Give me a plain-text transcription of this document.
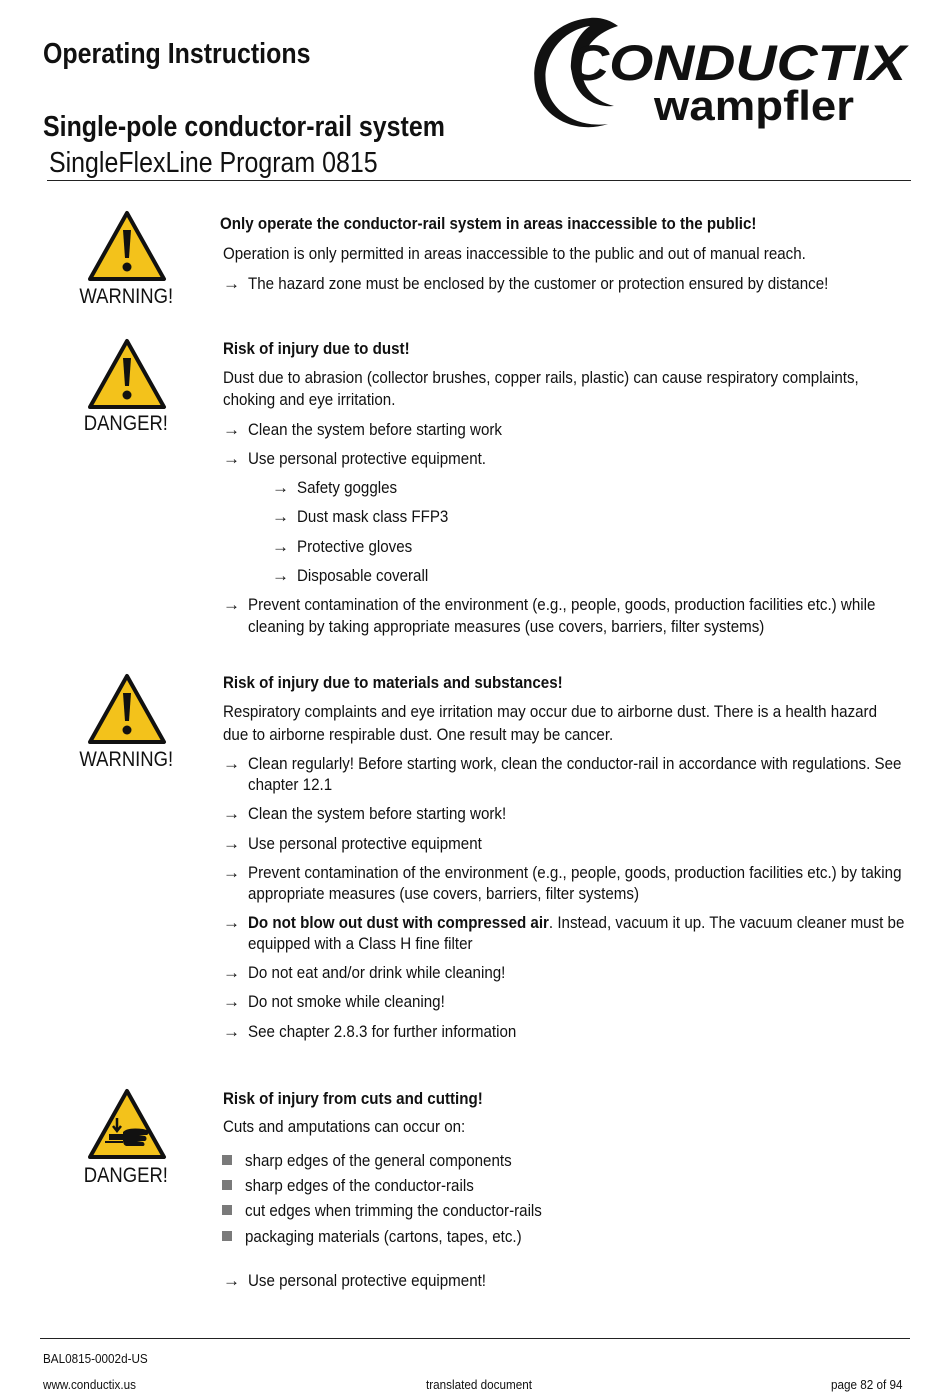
Operating Instructions
Single-pole conductor-rail system
SingleFlexLine Program 0815
CONDUCTIX
wampfler
WARNING!
Only operate the conductor-rail system in areas inaccessible to the public!
Operation is only permitted in areas inaccessible to the public and out of manual reach.
→ The hazard zone must be enclosed by the customer or protection ensured by distance!
DANGER!
Risk of injury due to dust!
Dust due to abrasion (collector brushes, copper rails, plastic) can cause respiratory complaints,
choking and eye irritation.
→ Clean the system before starting work
→ Use personal protective equipment.
→ Safety goggles
→ Dust mask class FFP3
→ Protective gloves
→ Disposable coverall
→ Prevent contamination of the environment (e.g., people, goods, production facilities etc.) while
cleaning by taking appropriate measures (use covers, barriers, filter systems)
WARNING!
Risk of injury due to materials and substances!
Respiratory complaints and eye irritation may occur due to airborne dust. There is a health hazard
due to airborne respirable dust. One result may be cancer.
→ Clean regularly! Before starting work, clean the conductor-rail in accordance with regulations. See
chapter 12.1
→ Clean the system before starting work!
→ Use personal protective equipment
→ Prevent contamination of the environment (e.g., people, goods, production facilities etc.) by taking
appropriate measures (use covers, barriers, filter systems)
→ Do not blow out dust with compressed air. Instead, vacuum it up. The vacuum cleaner must be
equipped with a Class H fine filter
→ Do not eat and/or drink while cleaning!
→ Do not smoke while cleaning!
→ See chapter 2.8.3 for further information
DANGER!
Risk of injury from cuts and cutting!
Cuts and amputations can occur on:
sharp edges of the general components
sharp edges of the conductor-rails
cut edges when trimming the conductor-rails
packaging materials (cartons, tapes, etc.)
→ Use personal protective equipment!
BAL0815-0002d-US
www.conductix.us	translated document	page 82 of 94
